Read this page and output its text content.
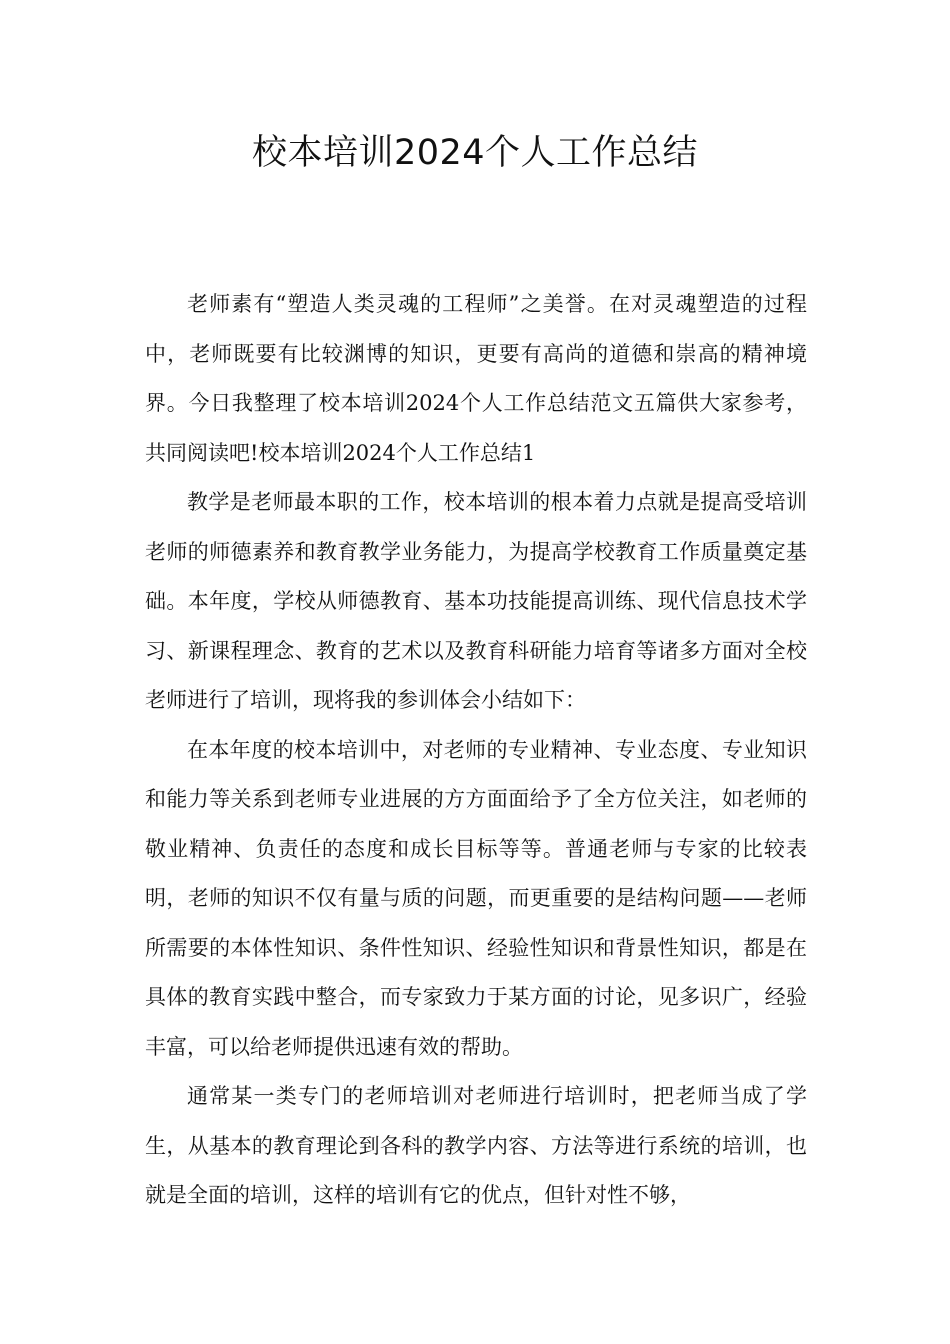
校本培训2024个人工作总结

老师素有“塑造人类灵魂的工程师”之美誉。在对灵魂塑造的过程中，老师既要有比较渊博的知识，更要有高尚的道德和崇高的精神境界。今日我整理了校本培训2024个人工作总结范文五篇供大家参考，共同阅读吧!校本培训2024个人工作总结1

教学是老师最本职的工作，校本培训的根本着力点就是提高受培训老师的师德素养和教育教学业务能力，为提高学校教育工作质量奠定基础。本年度，学校从师德教育、基本功技能提高训练、现代信息技术学习、新课程理念、教育的艺术以及教育科研能力培育等诸多方面对全校老师进行了培训，现将我的参训体会小结如下：

在本年度的校本培训中，对老师的专业精神、专业态度、专业知识和能力等关系到老师专业进展的方方面面给予了全方位关注，如老师的敬业精神、负责任的态度和成长目标等等。普通老师与专家的比较表明，老师的知识不仅有量与质的问题，而更重要的是结构问题——老师所需要的本体性知识、条件性知识、经验性知识和背景性知识，都是在具体的教育实践中整合，而专家致力于某方面的讨论，见多识广，经验丰富，可以给老师提供迅速有效的帮助。

通常某一类专门的老师培训对老师进行培训时，把老师当成了学生，从基本的教育理论到各科的教学内容、方法等进行系统的培训，也就是全面的培训，这样的培训有它的优点，但针对性不够，
